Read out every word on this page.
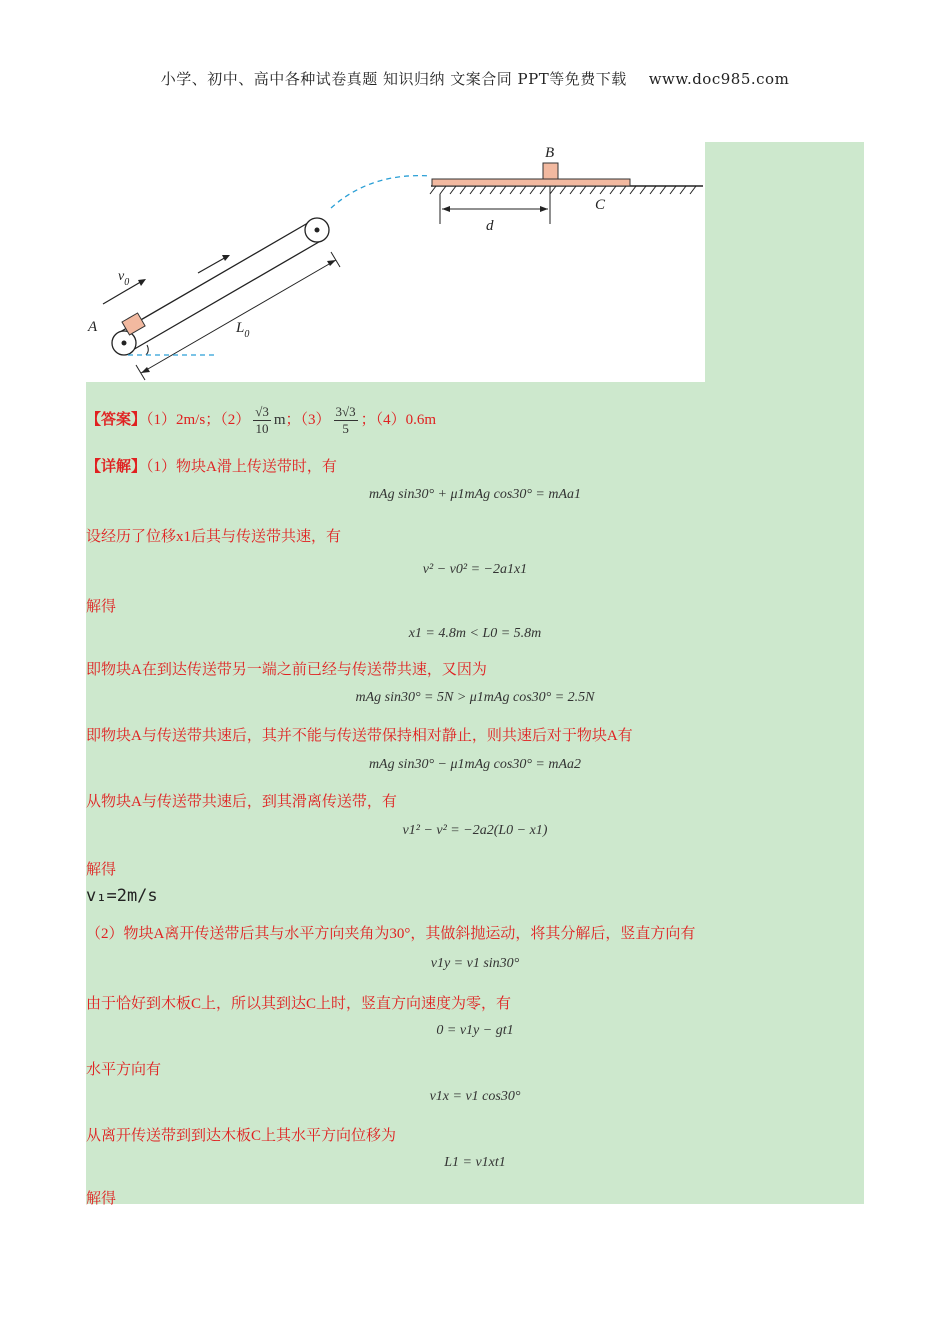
小学、初中、高中各种试卷真题 知识归纳 文案合同 PPT等免费下载 www.doc985.com
B
C
d
A
$v_0$
$L_0$
【答案】（1）2m/s；$(2) \frac{√3}{10}$ m；$(3) \frac{3√3}{5}$ ；（4）0.6m
【详解】（1）物块A滑上传送带时，有
mAg sin30° + μ1mAg cos30° = mAa1
设经历了位移x1后其与传送带共速，有
v² − v0² = −2a1x1
解得
x1 = 4.8m < L0 = 5.8m
即物块A在到达传送带另一端之前已经与传送带共速，又因为
mAg sin30° = 5N > μ1mAg cos30° = 2.5N
即物块A与传送带共速后，其并不能与传送带保持相对静止，则共速后对于物块A有
mAg sin30° − μ1mAg cos30° = mAa2
从物块A与传送带共速后，到其滑离传送带，有
v1² − v² = −2a2(L0 − x1)
解得
v₁=2m/s
（2）物块A离开传送带后其与水平方向夹角为30°，其做斜抛运动，将其分解后，竖直方向有
v1y = v1 sin30°
由于恰好到木板C上，所以其到达C上时，竖直方向速度为零，有
0 = v1y − gt1
水平方向有
v1x = v1 cos30°
从离开传送带到到达木板C上其水平方向位移为
L1 = v1xt1
解得
